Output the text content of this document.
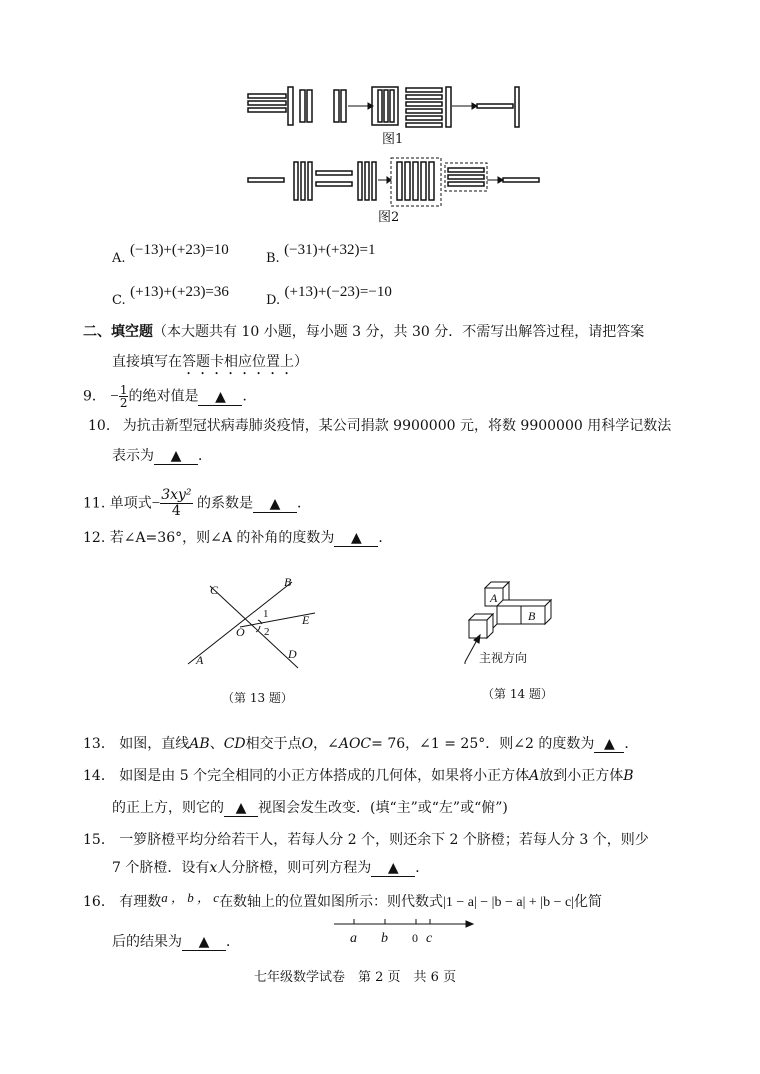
图1
图2
A. (−13)+(+23)=10
B. (−31)+(+32)=1
C. (+13)+(+23)=36
D. (+13)+(−23)=−10
二、填空题（本大题共有 10 小题，每小题 3 分，共 30 分．不需写出解答过程，请把答案
直接填写在答题卡相应位置上）
9． − $\frac{1}{2}$ 的绝对值是 ▲ ．
10. 为抗击新型冠状病毒肺炎疫情，某公司捐款 9900000 元，将数 9900000 用科学记数法
表示为 ▲ ．
11. 单项式− $\frac{\text{3xy²}}{4}$ 的系数是 ▲ ．
12. 若∠A=36°，则∠A 的补角的度数为 ▲ ．
C
B
1	E
O 2
A	D
（第 13 题）
A
B
主视方向
（第 14 题）
13． 如图，直线AB、CD相交于点O，∠AOC= 76，∠1 = 25°．则∠2 的度数为 ▲ ．
14． 如图是由 5 个完全相同的小正方体搭成的几何体，如果将小正方体A放到小正方体B
的正上方，则它的 ▲ 视图会发生改变．(填“主”或“左”或“俯”)
15． 一箩脐橙平均分给若干人，若每人分 2 个，则还余下 2 个脐橙；若每人分 3 个，则少
7 个脐橙．设有x人分脐橙，则可列方程为 ▲ ．
16． 有理数a ， b ， c在数轴上的位置如图所示：则代数式|1 − a| − |b − a| + |b − c|化简
后的结果为 ▲ ．	a b 0 c
七年级数学试卷　第 2 页　共 6 页
